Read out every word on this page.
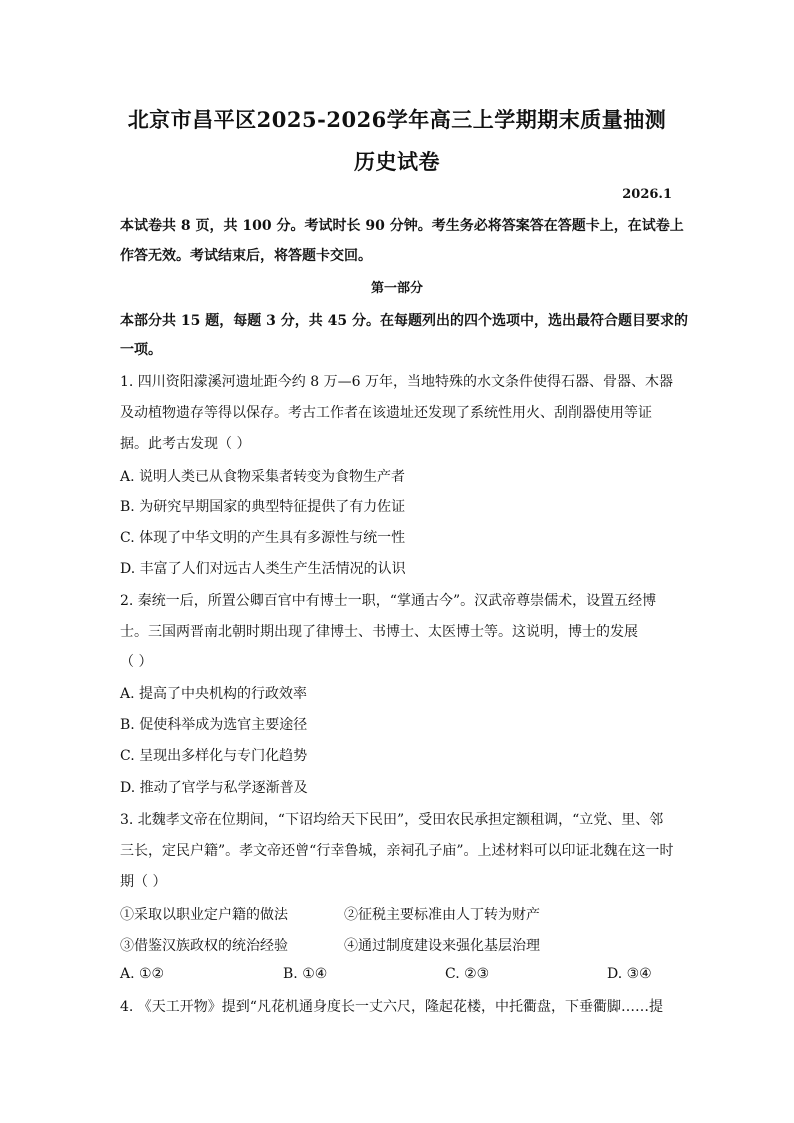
北京市昌平区2025-2026学年高三上学期期末质量抽测
历史试卷
2026.1
本试卷共 8 页，共 100 分。考试时长 90 分钟。考生务必将答案答在答题卡上，在试卷上
作答无效。考试结束后，将答题卡交回。
第一部分
本部分共 15 题，每题 3 分，共 45 分。在每题列出的四个选项中，选出最符合题目要求的
一项。
1. 四川资阳濛溪河遗址距今约 8 万—6 万年，当地特殊的水文条件使得石器、骨器、木器
及动植物遗存等得以保存。考古工作者在该遗址还发现了系统性用火、刮削器使用等证
据。此考古发现（ ）
A. 说明人类已从食物采集者转变为食物生产者
B. 为研究早期国家的典型特征提供了有力佐证
C. 体现了中华文明的产生具有多源性与统一性
D. 丰富了人们对远古人类生产生活情况的认识
2. 秦统一后，所置公卿百官中有博士一职，“掌通古今”。汉武帝尊崇儒术，设置五经博
士。三国两晋南北朝时期出现了律博士、书博士、太医博士等。这说明，博士的发展
（ ）
A. 提高了中央机构的行政效率
B. 促使科举成为选官主要途径
C. 呈现出多样化与专门化趋势
D. 推动了官学与私学逐渐普及
3. 北魏孝文帝在位期间，“下诏均给天下民田”，受田农民承担定额租调，“立党、里、邻
三长，定民户籍”。孝文帝还曾“行幸鲁城，亲祠孔子庙”。上述材料可以印证北魏在这一时
期（ ）
①采取以职业定户籍的做法	②征税主要标准由人丁转为财产
③借鉴汉族政权的统治经验	④通过制度建设来强化基层治理
A. ①②	B. ①④	C. ②③	D. ③④
4. 《天工开物》提到“凡花机通身度长一丈六尺，隆起花楼，中托衢盘，下垂衢脚……提
